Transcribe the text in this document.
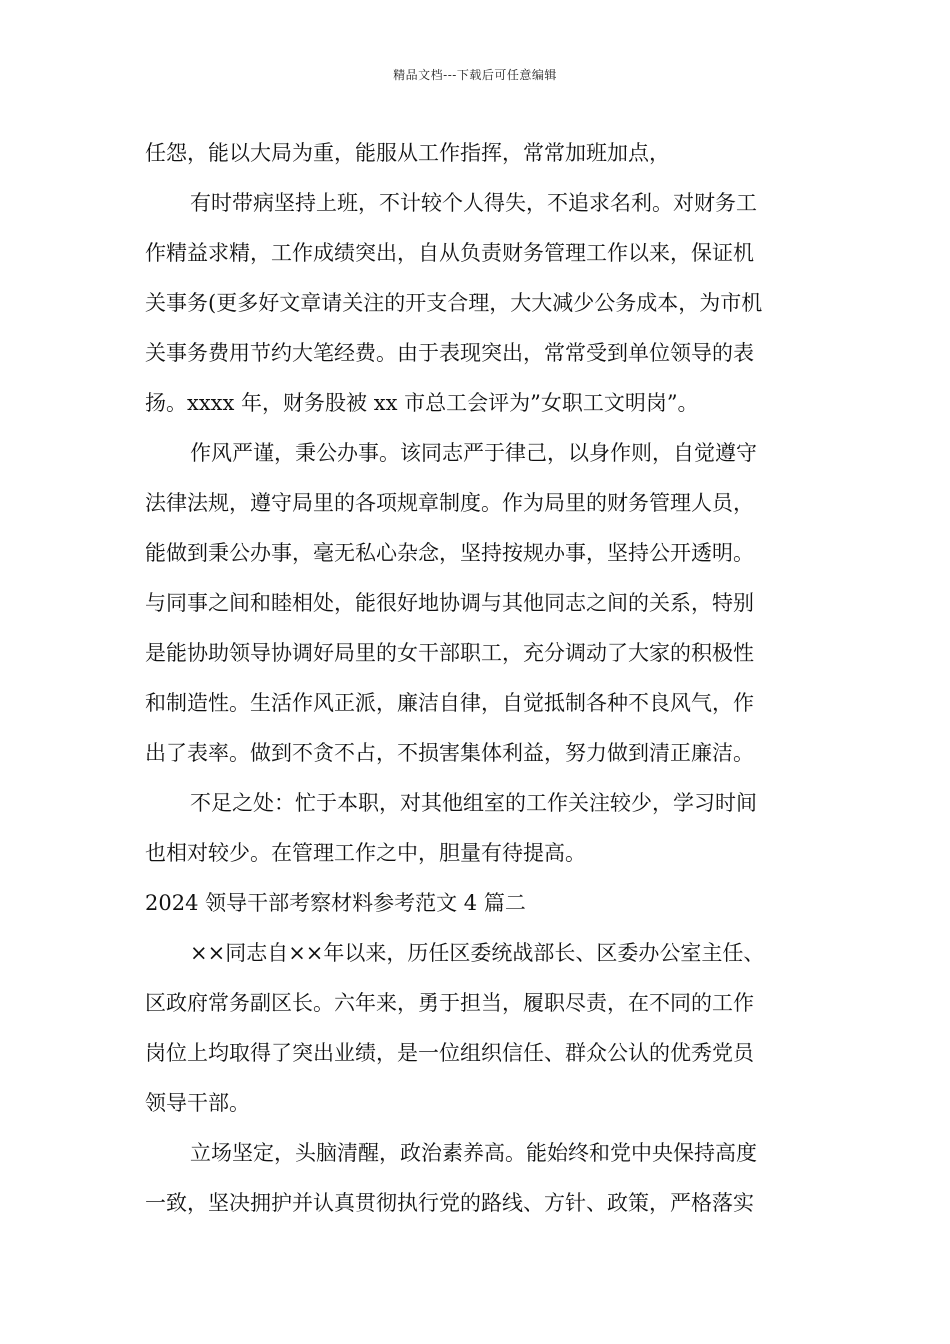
精品文档---下载后可任意编辑
任怨，能以大局为重，能服从工作指挥，常常加班加点，
有时带病坚持上班，不计较个人得失，不追求名利。对财务工
作精益求精，工作成绩突出，自从负责财务管理工作以来，保证机
关事务(更多好文章请关注的开支合理，大大减少公务成本，为市机
关事务费用节约大笔经费。由于表现突出，常常受到单位领导的表
扬。xxxx 年，财务股被 xx 市总工会评为”女职工文明岗”。
作风严谨，秉公办事。该同志严于律己，以身作则，自觉遵守
法律法规，遵守局里的各项规章制度。作为局里的财务管理人员，
能做到秉公办事，毫无私心杂念，坚持按规办事，坚持公开透明。
与同事之间和睦相处，能很好地协调与其他同志之间的关系，特别
是能协助领导协调好局里的女干部职工，充分调动了大家的积极性
和制造性。生活作风正派，廉洁自律，自觉抵制各种不良风气，作
出了表率。做到不贪不占，不损害集体利益，努力做到清正廉洁。
不足之处：忙于本职，对其他组室的工作关注较少，学习时间
也相对较少。在管理工作之中，胆量有待提高。
2024 领导干部考察材料参考范文 4 篇二
××同志自××年以来，历任区委统战部长、区委办公室主任、
区政府常务副区长。六年来，勇于担当，履职尽责，在不同的工作
岗位上均取得了突出业绩，是一位组织信任、群众公认的优秀党员
领导干部。
立场坚定，头脑清醒，政治素养高。能始终和党中央保持高度
一致，坚决拥护并认真贯彻执行党的路线、方针、政策，严格落实
